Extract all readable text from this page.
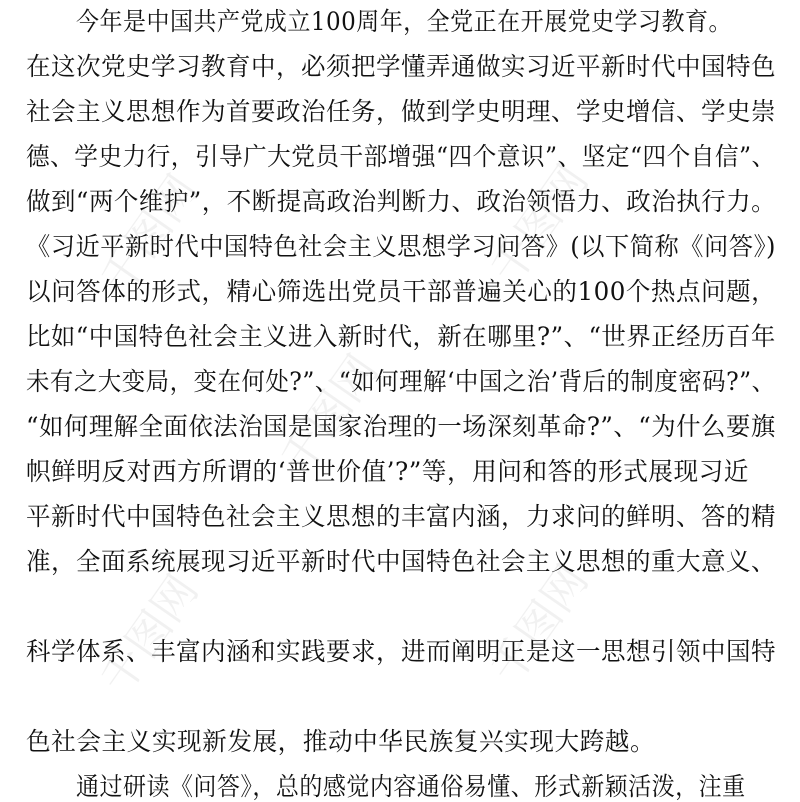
今年是中国共产党成立100周年，全党正在开展党史学习教育。
在这次党史学习教育中，必须把学懂弄通做实习近平新时代中国特色
社会主义思想作为首要政治任务，做到学史明理、学史增信、学史崇
德、学史力行，引导广大党员干部增强“四个意识”、坚定“四个自信”、
做到“两个维护”，不断提高政治判断力、政治领悟力、政治执行力。
《习近平新时代中国特色社会主义思想学习问答》(以下简称《问答》)
以问答体的形式，精心筛选出党员干部普遍关心的100个热点问题，
比如“中国特色社会主义进入新时代，新在哪里?”、“世界正经历百年
未有之大变局，变在何处?”、“如何理解‘中国之治’背后的制度密码?”、
“如何理解全面依法治国是国家治理的一场深刻革命?”、“为什么要旗
帜鲜明反对西方所谓的‘普世价值’?”等，用问和答的形式展现习近
平新时代中国特色社会主义思想的丰富内涵，力求问的鲜明、答的精
准，全面系统展现习近平新时代中国特色社会主义思想的重大意义、
科学体系、丰富内涵和实践要求，进而阐明正是这一思想引领中国特
色社会主义实现新发展，推动中华民族复兴实现大跨越。
通过研读《问答》，总的感觉内容通俗易懂、形式新颖活泼，注重
千图网	千图网
千图网
千图网	千图网
